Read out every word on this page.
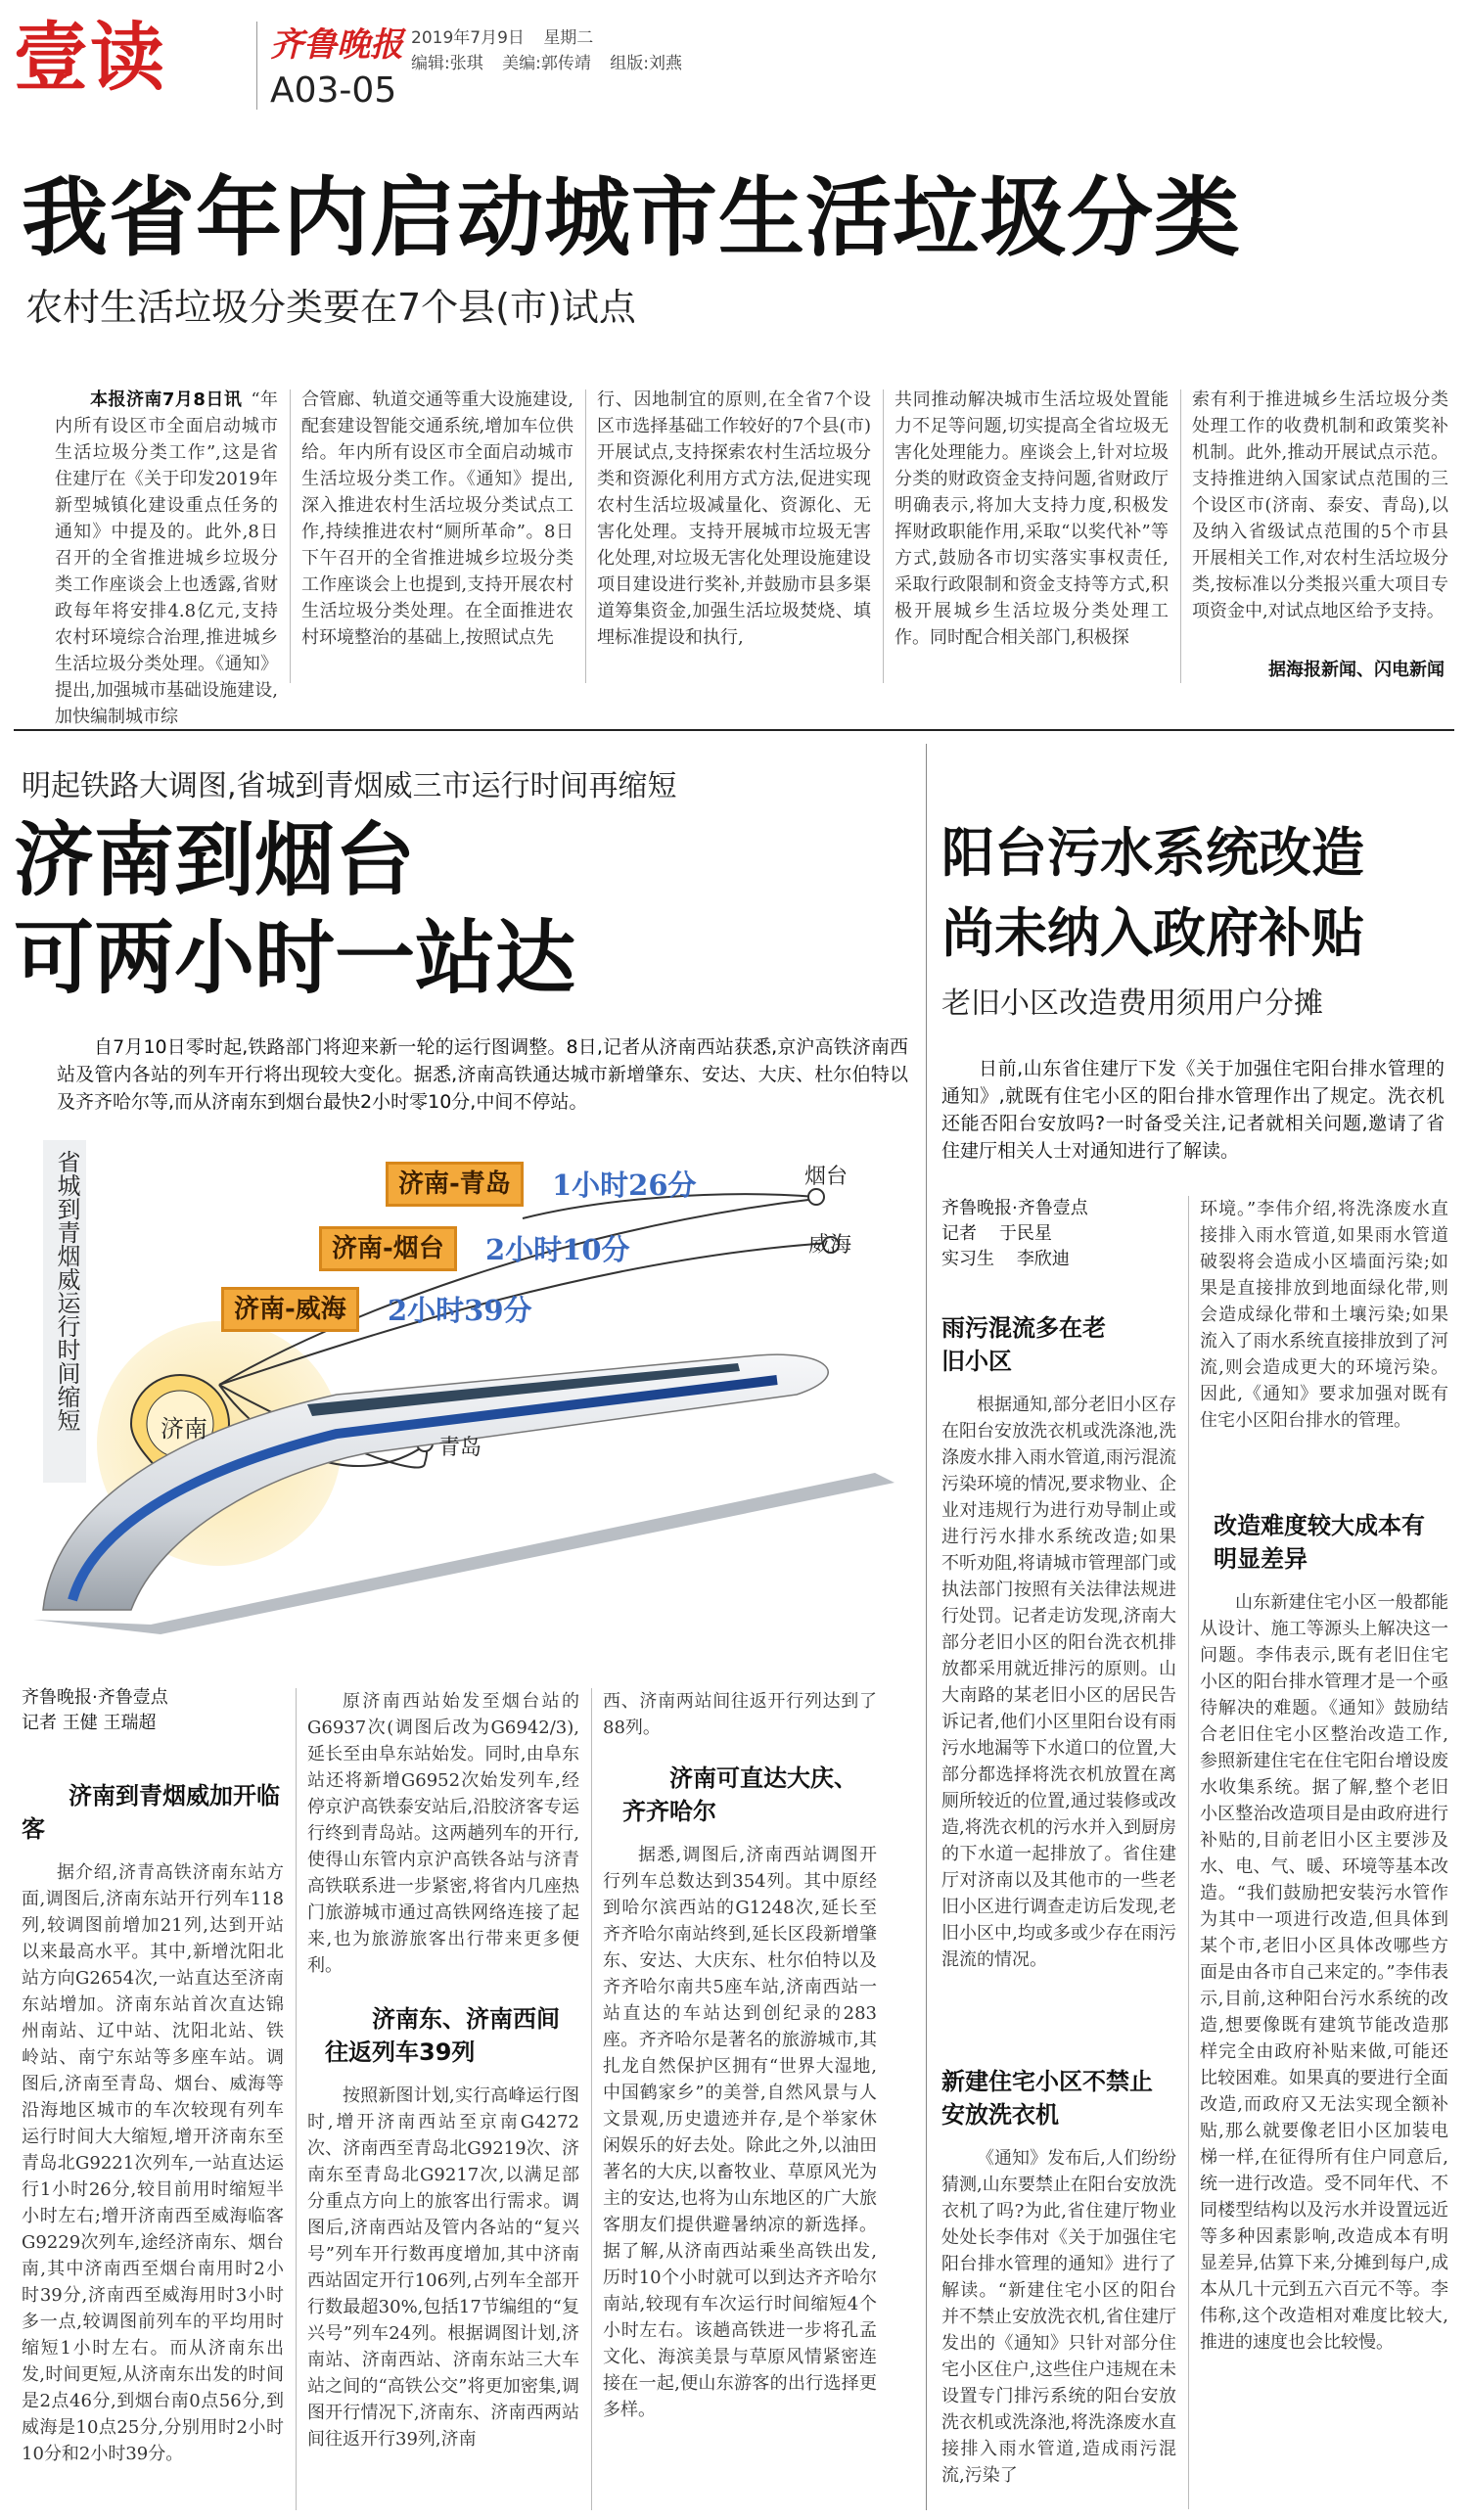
壹读	齐鲁晚报
A03-05
2019年7月9日 星期二
编辑:张琪 美编:郭传靖 组版:刘燕
我省年内启动城市生活垃圾分类
农村生活垃圾分类要在7个县(市)试点

本报济南7月8日讯  “年内所有设区市全面启动城市生活垃圾分类工作”,这是省住建厅在《关于印发2019年新型城镇化建设重点任务的通知》中提及的。此外,8日召开的全省推进城乡垃圾分类工作座谈会上也透露,省财政每年将安排4.8亿元,支持农村环境综合治理,推进城乡生活垃圾分类处理。《通知》提出,加强城市基础设施建设,加快编制城市综

合管廊、轨道交通等重大设施建设,配套建设智能交通系统,增加车位供给。年内所有设区市全面启动城市生活垃圾分类工作。《通知》提出,深入推进农村生活垃圾分类试点工作,持续推进农村“厕所革命”。8日下午召开的全省推进城乡垃圾分类工作座谈会上也提到,支持开展农村生活垃圾分类处理。在全面推进农村环境整治的基础上,按照试点先

行、因地制宜的原则,在全省7个设区市选择基础工作较好的7个县(市)开展试点,支持探索农村生活垃圾分类和资源化利用方式方法,促进实现农村生活垃圾减量化、资源化、无害化处理。支持开展城市垃圾无害化处理,对垃圾无害化处理设施建设项目建设进行奖补,并鼓励市县多渠道筹集资金,加强生活垃圾焚烧、填埋标准提设和执行,

共同推动解决城市生活垃圾处置能力不足等问题,切实提高全省垃圾无害化处理能力。座谈会上,针对垃圾分类的财政资金支持问题,省财政厅明确表示,将加大支持力度,积极发挥财政职能作用,采取“以奖代补”等方式,鼓励各市切实落实事权责任,采取行政限制和资金支持等方式,积极开展城乡生活垃圾分类处理工作。同时配合相关部门,积极探

索有利于推进城乡生活垃圾分类处理工作的收费机制和政策奖补机制。此外,推动开展试点示范。支持推进纳入国家试点范围的三个设区市(济南、泰安、青岛),以及纳入省级试点范围的5个市县开展相关工作,对农村生活垃圾分类,按标准以分类报兴重大项目专项资金中,对试点地区给予支持。

据海报新闻、闪电新闻
明起铁路大调图,省城到青烟威三市运行时间再缩短
济南到烟台
可两小时一站达

自7月10日零时起,铁路部门将迎来新一轮的运行图调整。8日,记者从济南西站获悉,京沪高铁济南西站及管内各站的列车开行将出现较大变化。据悉,济南高铁通达城市新增肇东、安达、大庆、杜尔伯特以及齐齐哈尔等,而从济南东到烟台最快2小时零10分,中间不停站。

省城到青烟威运行时间缩短	济南
济南-青岛	1小时26分
济南-烟台	2小时10分
济南-威海	2小时39分
烟台
威海
青岛
齐鲁晚报·齐鲁壹点
记者 王健 王瑞超
济南到青烟威加开临客

据介绍,济青高铁济南东站方面,调图后,济南东站开行列车118列,较调图前增加21列,达到开站以来最高水平。其中,新增沈阳北站方向G2654次,一站直达至济南东站增加。济南东站首次直达锦州南站、辽中站、沈阳北站、铁岭站、南宁东站等多座车站。调图后,济南至青岛、烟台、威海等沿海地区城市的车次较现有列车运行时间大大缩短,增开济南东至青岛北G9221次列车,一站直达运行1小时26分,较目前用时缩短半小时左右;增开济南西至威海临客G9229次列车,途经济南东、烟台南,其中济南西至烟台南用时2小时39分,济南西至威海用时3小时多一点,较调图前列车的平均用时缩短1小时左右。而从济南东出发,时间更短,从济南东出发的时间是2点46分,到烟台南0点56分,到威海是10点25分,分别用时2小时10分和2小时39分。

原济南西站始发至烟台站的G6937次(调图后改为G6942/3),延长至由阜东站始发。同时,由阜东站还将新增G6952次始发列车,经停京沪高铁泰安站后,沿胶济客专运行终到青岛站。这两趟列车的开行,使得山东管内京沪高铁各站与济青高铁联系进一步紧密,将省内几座热门旅游城市通过高铁网络连接了起来,也为旅游旅客出行带来更多便利。

济南东、济南西间往返列车39列

按照新图计划,实行高峰运行图时,增开济南西站至京南G4272次、济南西至青岛北G9219次、济南东至青岛北G9217次,以满足部分重点方向上的旅客出行需求。调图后,济南西站及管内各站的“复兴号”列车开行数再度增加,其中济南西站固定开行106列,占列车全部开行数最超30%,包括17节编组的“复兴号”列车24列。根据调图计划,济南站、济南西站、济南东站三大车站之间的“高铁公交”将更加密集,调图开行情况下,济南东、济南西两站间往返开行39列,济南

西、济南两站间往返开行列达到了88列。

济南可直达大庆、齐齐哈尔

据悉,调图后,济南西站调图开行列车总数达到354列。其中原经到哈尔滨西站的G1248次,延长至齐齐哈尔南站终到,延长区段新增肇东、安达、大庆东、杜尔伯特以及齐齐哈尔南共5座车站,济南西站一站直达的车站达到创纪录的283座。齐齐哈尔是著名的旅游城市,其扎龙自然保护区拥有“世界大湿地,中国鹤家乡”的美誉,自然风景与人文景观,历史遗迹并存,是个举家休闲娱乐的好去处。除此之外,以油田著名的大庆,以畜牧业、草原风光为主的安达,也将为山东地区的广大旅客朋友们提供避暑纳凉的新选择。据了解,从济南西站乘坐高铁出发,历时10个小时就可以到达齐齐哈尔南站,较现有车次运行时间缩短4个小时左右。该趟高铁进一步将孔孟文化、海滨美景与草原风情紧密连接在一起,便山东游客的出行选择更多样。

阳台污水系统改造
尚未纳入政府补贴
老旧小区改造费用须用户分摊

日前,山东省住建厅下发《关于加强住宅阳台排水管理的通知》,就既有住宅小区的阳台排水管理作出了规定。洗衣机还能否阳台安放吗?一时备受关注,记者就相关问题,邀请了省住建厅相关人士对通知进行了解读。

齐鲁晚报·齐鲁壹点
记者    于民星
实习生    李欣迪
雨污混流多在老旧小区

根据通知,部分老旧小区存在阳台安放洗衣机或洗涤池,洗涤废水排入雨水管道,雨污混流污染环境的情况,要求物业、企业对违规行为进行劝导制止或进行污水排水系统改造;如果不听劝阻,将请城市管理部门或执法部门按照有关法律法规进行处罚。记者走访发现,济南大部分老旧小区的阳台洗衣机排放都采用就近排污的原则。山大南路的某老旧小区的居民告诉记者,他们小区里阳台设有雨污水地漏等下水道口的位置,大部分都选择将洗衣机放置在离厕所较近的位置,通过装修或改造,将洗衣机的污水并入到厨房的下水道一起排放了。省住建厅对济南以及其他市的一些老旧小区进行调查走访后发现,老旧小区中,均或多或少存在雨污混流的情况。

新建住宅小区不禁止安放洗衣机

《通知》发布后,人们纷纷猜测,山东要禁止在阳台安放洗衣机了吗?为此,省住建厅物业处处长李伟对《关于加强住宅阳台排水管理的通知》进行了解读。“新建住宅小区的阳台并不禁止安放洗衣机,省住建厅发出的《通知》只针对部分住宅小区住户,这些住户违规在未设置专门排污系统的阳台安放洗衣机或洗涤池,将洗涤废水直接排入雨水管道,造成雨污混流,污染了

环境。”李伟介绍,将洗涤废水直接排入雨水管道,如果雨水管道破裂将会造成小区墙面污染;如果是直接排放到地面绿化带,则会造成绿化带和土壤污染;如果流入了雨水系统直接排放到了河流,则会造成更大的环境污染。因此,《通知》要求加强对既有住宅小区阳台排水的管理。

改造难度较大成本有明显差异

山东新建住宅小区一般都能从设计、施工等源头上解决这一问题。李伟表示,既有老旧住宅小区的阳台排水管理才是一个亟待解决的难题。《通知》鼓励结合老旧住宅小区整治改造工作,参照新建住宅在住宅阳台增设废水收集系统。据了解,整个老旧小区整治改造项目是由政府进行补贴的,目前老旧小区主要涉及水、电、气、暖、环境等基本改造。“我们鼓励把安装污水管作为其中一项进行改造,但具体到某个市,老旧小区具体改哪些方面是由各市自己来定的。”李伟表示,目前,这种阳台污水系统的改造,想要像既有建筑节能改造那样完全由政府补贴来做,可能还比较困难。如果真的要进行全面改造,而政府又无法实现全额补贴,那么就要像老旧小区加装电梯一样,在征得所有住户同意后,统一进行改造。受不同年代、不同楼型结构以及污水并设置远近等多种因素影响,改造成本有明显差异,估算下来,分摊到每户,成本从几十元到五六百元不等。李伟称,这个改造相对难度比较大,推进的速度也会比较慢。
